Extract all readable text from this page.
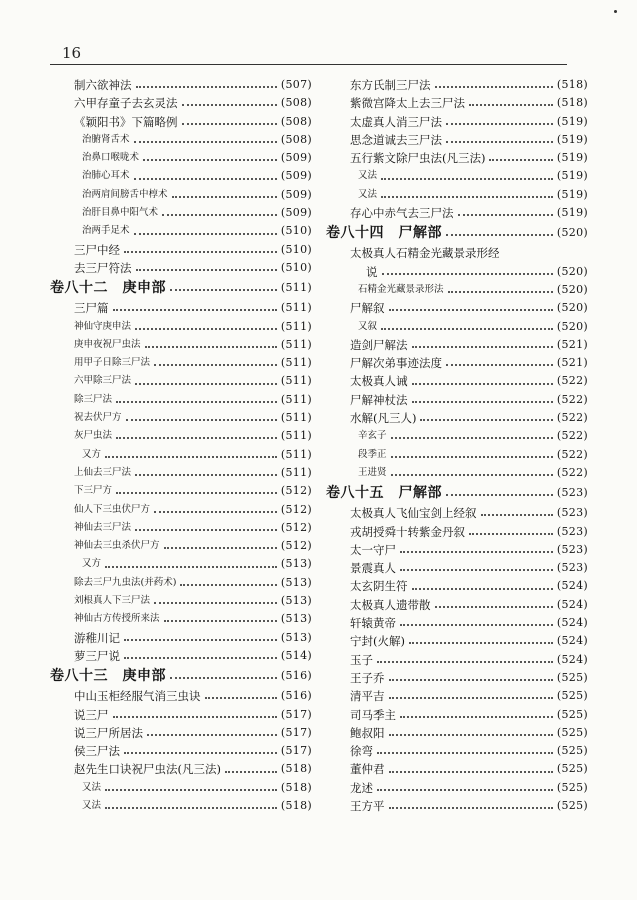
16
制六欲神法	(507)
六甲存童子去玄灵法	(508)
《颖阳书》下篇略例	(508)
治腑肾舌术	(508)
治鼻口喉咙术	(509)
治肺心耳术	(509)
治两肩间膀舌中椁术	(509)
治肝目鼻中阳气术	(509)
治两手足术	(510)
三尸中经	(510)
去三尸符法	(510)
卷八十二　庚申部	(511)
三尸篇	(511)
神仙守庚申法	(511)
庚申夜祝尸虫法	(511)
用甲子日除三尸法	(511)
六甲除三尸法	(511)
除三尸法	(511)
祝去伏尸方	(511)
灰尸虫法	(511)
又方	(511)
上仙去三尸法	(511)
下三尸方	(512)
仙人下三虫伏尸方	(512)
神仙去三尸法	(512)
神仙去三虫杀伏尸方	(512)
又方	(513)
除去三尸九虫法(并药术)	(513)
刘根真人下三尸法	(513)
神仙古方传授所来法	(513)
游稚川记	(513)
萝三尸说	(514)
卷八十三　庚申部	(516)
中山玉柜经服气消三虫诀	(516)
说三尸	(517)
说三尸所居法	(517)
侯三尸法	(517)
赵先生口诀祝尸虫法(凡三法)	(518)
又法	(518)
又法	(518)
东方氏制三尸法	(518)
紫微宫降太上去三尸法	(518)
太虚真人消三尸法	(519)
思念道诚去三尸法	(519)
五行紫文除尸虫法(凡三法)	(519)
又法	(519)
又法	(519)
存心中赤气去三尸法	(519)
卷八十四　尸解部	(520)
太极真人石精金光藏景录形经
说	(520)
石精金光藏景录形法	(520)
尸解叙	(520)
又叙	(520)
造剑尸解法	(521)
尸解次弟事迹法度	(521)
太极真人诫	(522)
尸解神杖法	(522)
水解(凡三人)	(522)
辛玄子	(522)
段季正	(522)
王进贤	(522)
卷八十五　尸解部	(523)
太极真人飞仙宝剑上经叙	(523)
戎胡授舜十转紫金丹叙	(523)
太一守尸	(523)
景震真人	(523)
太玄阴生符	(524)
太极真人遗带散	(524)
轩辕黄帝	(524)
宁封(火解)	(524)
玉子	(524)
王子乔	(525)
清平吉	(525)
司马季主	(525)
鲍叔阳	(525)
徐弯	(525)
董仲君	(525)
龙述	(525)
王方平	(525)
